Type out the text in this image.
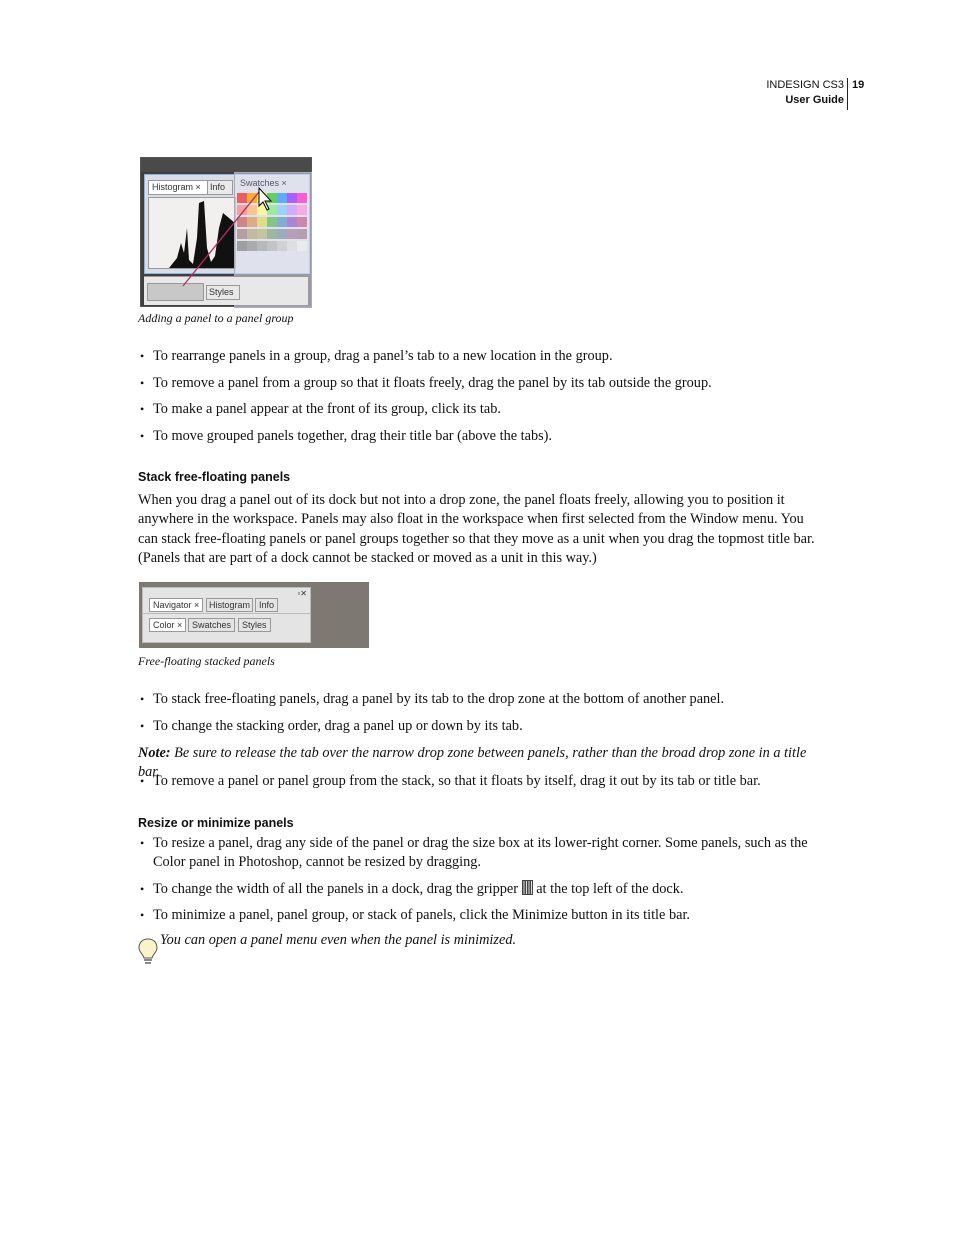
INDESIGN CS3
User Guide
19
Histogram ×	Info	Swatches ×
Styles
Adding a panel to a panel group
• To rearrange panels in a group, drag a panel’s tab to a new location in the group.
• To remove a panel from a group so that it floats freely, drag the panel by its tab outside the group.
• To make a panel appear at the front of its group, click its tab.
• To move grouped panels together, drag their title bar (above the tabs).
Stack free-floating panels
When you drag a panel out of its dock but not into a drop zone, the panel floats freely, allowing you to position it anywhere in the workspace. Panels may also float in the workspace when first selected from the Window menu. You can stack free-floating panels or panel groups together so that they move as a unit when you drag the topmost title bar. (Panels that are part of a dock cannot be stacked or moved as a unit in this way.)
Navigator ×	Histogram Info
▫✕
Color ×	Swatches	Styles
Free-floating stacked panels
• To stack free-floating panels, drag a panel by its tab to the drop zone at the bottom of another panel.
• To change the stacking order, drag a panel up or down by its tab.
Note: Be sure to release the tab over the narrow drop zone between panels, rather than the broad drop zone in a title bar.
• To remove a panel or panel group from the stack, so that it floats by itself, drag it out by its tab or title bar.
Resize or minimize panels
• To resize a panel, drag any side of the panel or drag the size box at its lower-right corner. Some panels, such as the Color panel in Photoshop, cannot be resized by dragging.
• To change the width of all the panels in a dock, drag the gripper at the top left of the dock.
• To minimize a panel, panel group, or stack of panels, click the Minimize button in its title bar.
You can open a panel menu even when the panel is minimized.
